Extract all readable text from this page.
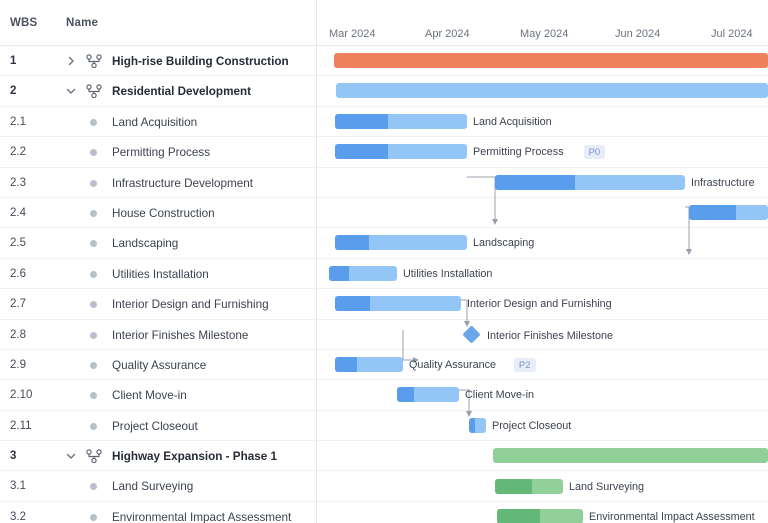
WBS Name
Mar 2024	Apr 2024	May 2024	Jun 2024	Jul 2024
1	High-rise Building Construction
2	Residential Development
2.1	Land Acquisition
2.2	Permitting Process
2.3	Infrastructure Development
2.4	House Construction
2.5	Landscaping
2.6	Utilities Installation
2.7	Interior Design and Furnishing
2.8	Interior Finishes Milestone
2.9	Quality Assurance
2.10	Client Move-in
2.11	Project Closeout
3	Highway Expansion - Phase 1
3.1	Land Surveying
3.2	Environmental Impact Assessment
Land Acquisition
Permitting Process	P0
Infrastructure
Landscaping
Utilities Installation
Interior Design and Furnishing
Quality Assurance	P2
Client Move-in
Project Closeout
Land Surveying
Environmental Impact Assessment
Interior Finishes Milestone
